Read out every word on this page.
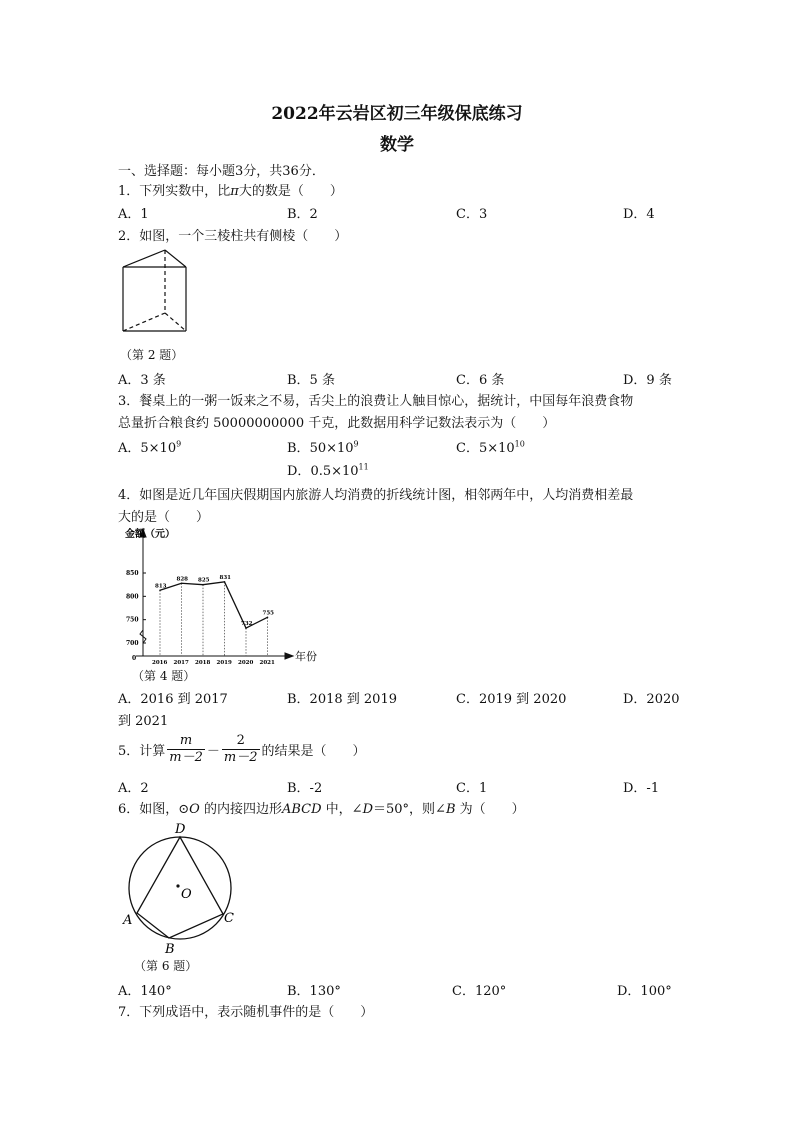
2022年云岩区初三年级保底练习
数学
一、选择题：每小题3分，共36分．
1．下列实数中，比π大的数是（　　）
A．1	B．2	C．3	D．4
2．如图，一个三棱柱共有侧棱（　　）
（第 2 题）
A．3 条	B．5 条	C．6 条	D．9 条
3．餐桌上的一粥一饭来之不易，舌尖上的浪费让人触目惊心，据统计，中国每年浪费食物
总量折合粮食约 50000000000 千克，此数据用科学记数法表示为（　　）
A．$5\times 10^9$	B．$50\times 10^9$	C．$5\times 10^{10}$
D．$0.5\times 10^{11}$
4．如图是近几年国庆假期国内旅游人均消费的折线统计图，相邻两年中，人均消费相差最
大的是（　　）
金额（元）
年份
0
700
750
800
850
2016
813
2017
828
2018
825
2019
831
2020
732
2021
755
（第 4 题）
A．2016 到 2017	B．2018 到 2019	C．2019 到 2020	D．2020
到 2021
5．计算 $\frac{m}{m-2} - \frac{2}{m-2}$ 的结果是（　　）
A．2	B．-2	C．1	D．-1
6．如图，⊙O 的内接四边形ABCD 中，∠D＝50°，则∠B 为（　　）
D
A
B
C
O
（第 6 题）
A．140°	B．130°	C．120°	D．100°
7．下列成语中，表示随机事件的是（　　）
